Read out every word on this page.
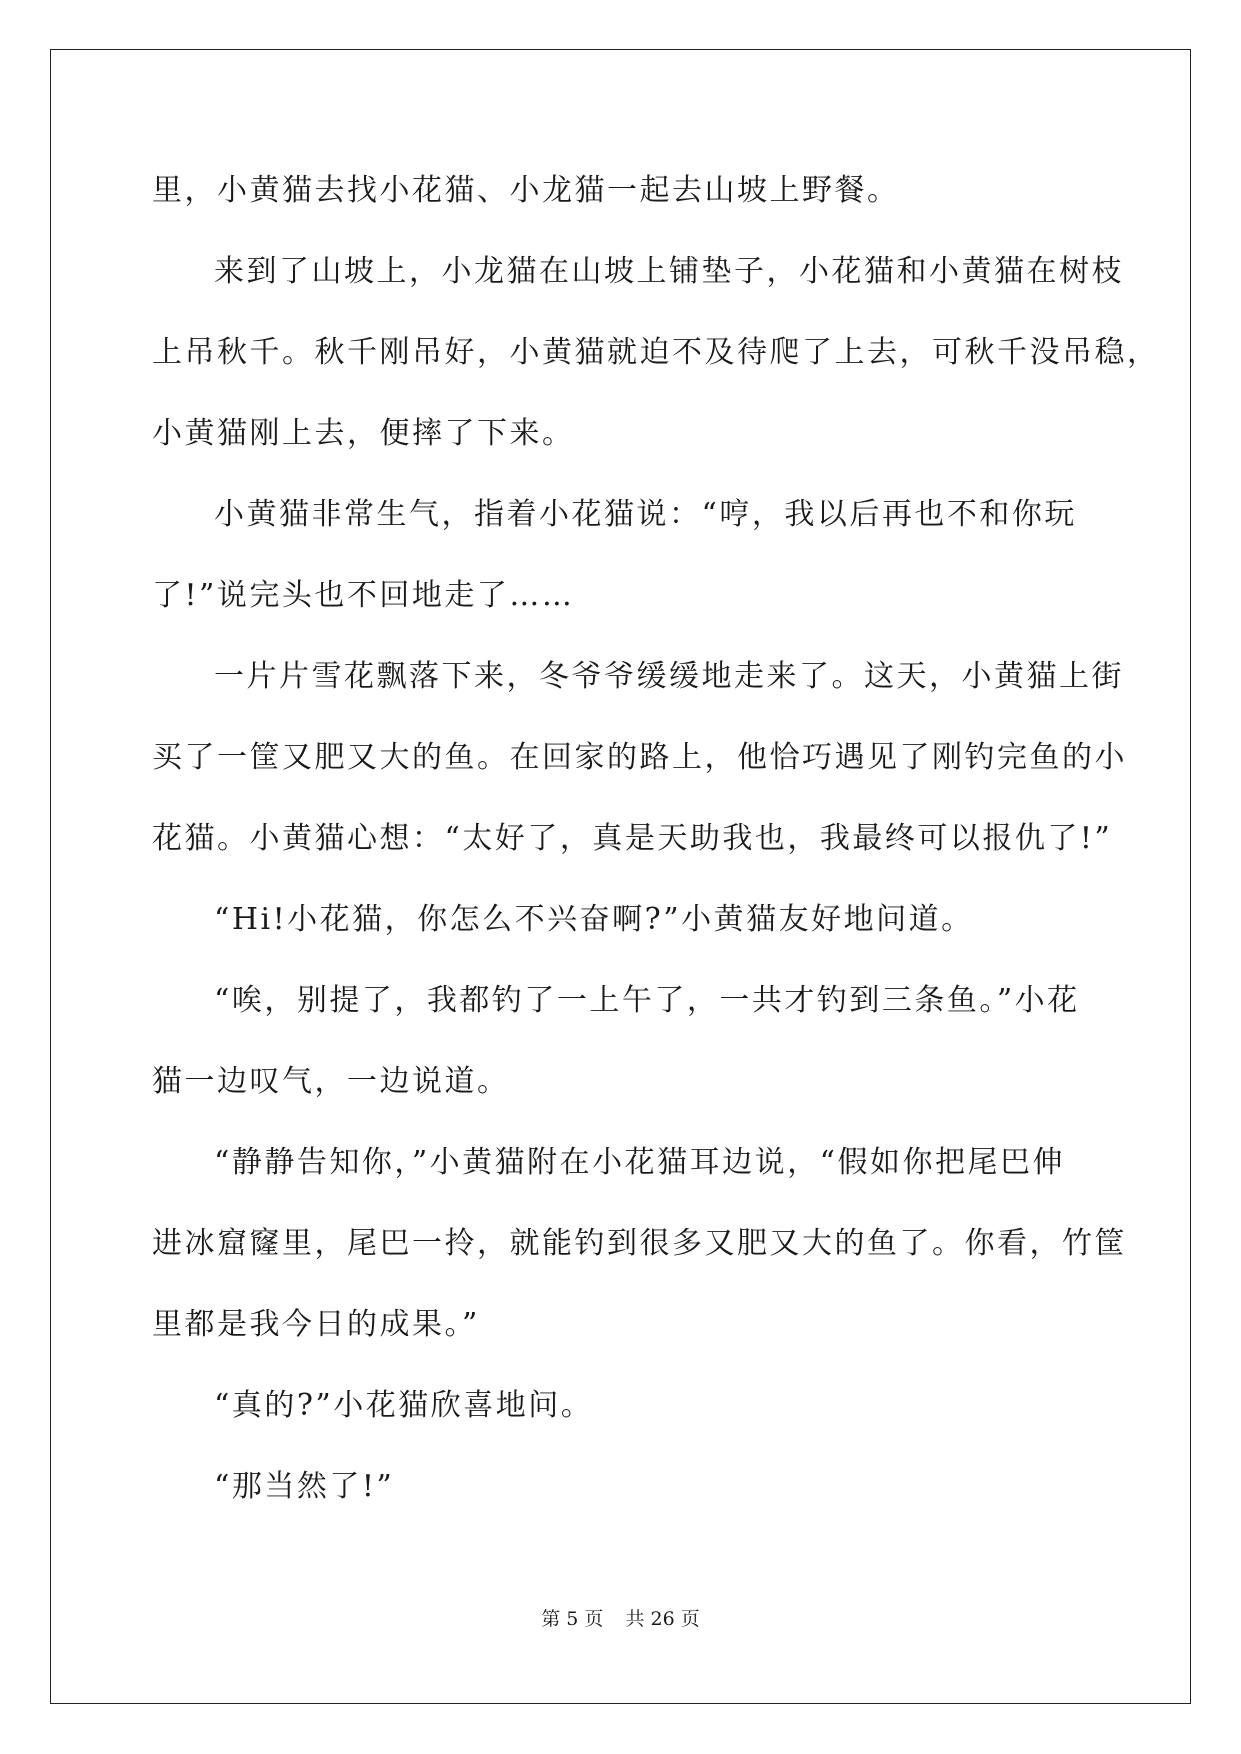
里，小黄猫去找小花猫、小龙猫一起去山坡上野餐。

来到了山坡上，小龙猫在山坡上铺垫子，小花猫和小黄猫在树枝
上吊秋千。秋千刚吊好，小黄猫就迫不及待爬了上去，可秋千没吊稳，
小黄猫刚上去，便摔了下来。

小黄猫非常生气，指着小花猫说：“哼，我以后再也不和你玩
了!”说完头也不回地走了……

一片片雪花飘落下来，冬爷爷缓缓地走来了。这天，小黄猫上街
买了一筐又肥又大的鱼。在回家的路上，他恰巧遇见了刚钓完鱼的小
花猫。小黄猫心想：“太好了，真是天助我也，我最终可以报仇了!”

“Hi!小花猫，你怎么不兴奋啊?”小黄猫友好地问道。

“唉，别提了，我都钓了一上午了，一共才钓到三条鱼。”小花
猫一边叹气，一边说道。

“静静告知你，”小黄猫附在小花猫耳边说，“假如你把尾巴伸
进冰窟窿里，尾巴一拎，就能钓到很多又肥又大的鱼了。你看，竹筐
里都是我今日的成果。”

“真的?”小花猫欣喜地问。

“那当然了!”

第 5 页 共 26 页
